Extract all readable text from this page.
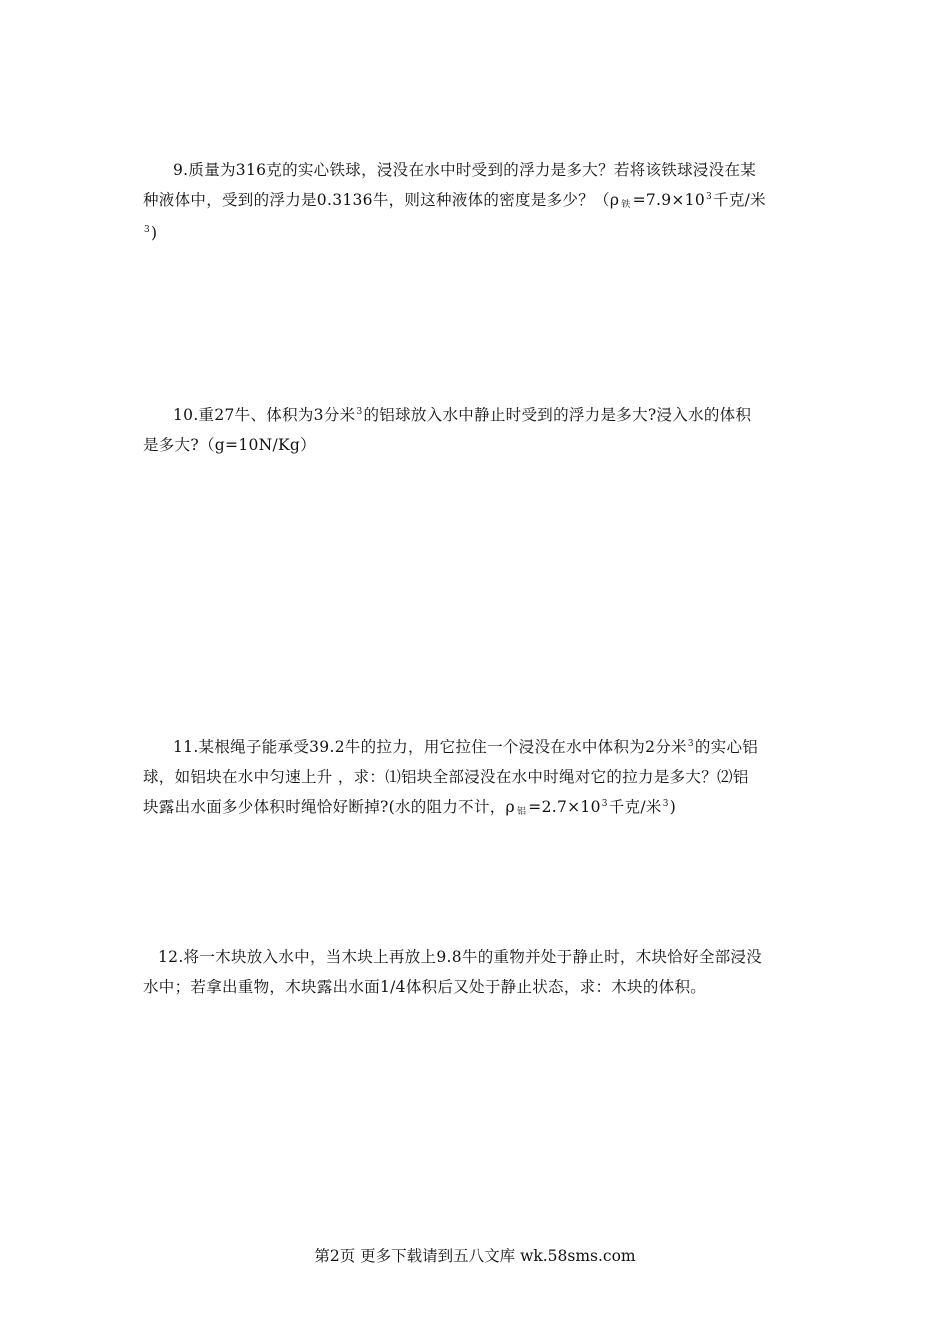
9.质量为316克的实心铁球，浸没在水中时受到的浮力是多大？若将该铁球浸没在某
种液体中，受到的浮力是0.3136牛，则这种液体的密度是多少？（ρ $_铁 =7.9\times 10^3$千克/米
$^3$)
10.重27牛、体积为3分米$^3$的铝球放入水中静止时受到的浮力是多大?浸入水的体积
是多大?（g=10N/Kg）
11.某根绳子能承受39.2牛的拉力，用它拉住一个浸没在水中体积为2分米$^3$的实心铝
球，如铝块在水中匀速上升 ，求：⑴铝块全部浸没在水中时绳对它的拉力是多大？⑵铝
块露出水面多少体积时绳恰好断掉?(水的阻力不计，ρ $_铝 =2.7\times 10^3$千克/米$^3$)
12.将一木块放入水中，当木块上再放上9.8牛的重物并处于静止时，木块恰好全部浸没
水中；若拿出重物，木块露出水面1/4体积后又处于静止状态，求：木块的体积。
第2页 更多下载请到五八文库 wk.58sms.com
